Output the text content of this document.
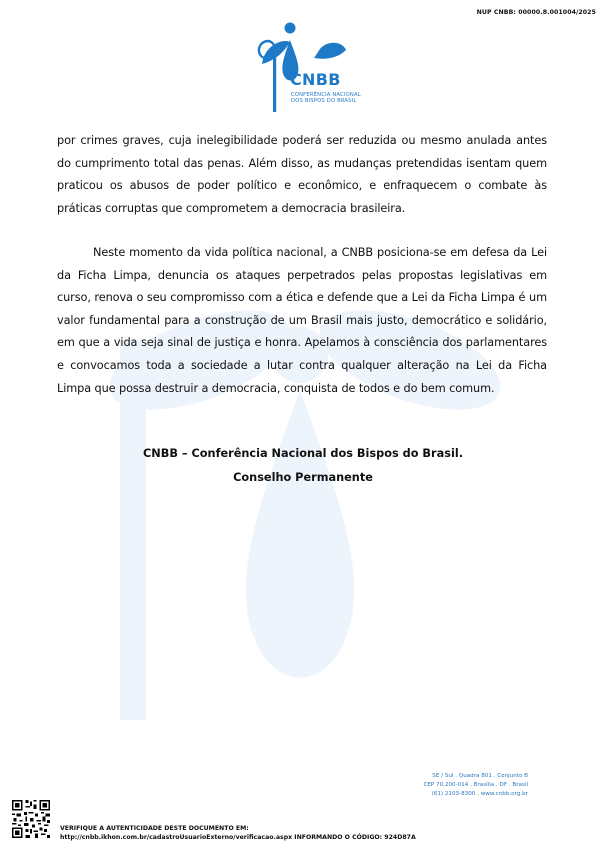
NUP CNBB: 00000.8.001004/2025
CNBB
CONFERÊNCIA NACIONAL
DOS BISPOS DO BRASIL

por crimes graves, cuja inelegibilidade poderá ser reduzida ou mesmo anulada antes do cumprimento total das penas. Além disso, as mudanças pretendidas isentam quem praticou os abusos de poder político e econômico, e enfraquecem o combate às práticas corruptas que comprometem a democracia brasileira.

Neste momento da vida política nacional, a CNBB posiciona-se em defesa da Lei da Ficha Limpa, denuncia os ataques perpetrados pelas propostas legislativas em curso, renova o seu compromisso com a ética e defende que a Lei da Ficha Limpa é um valor fundamental para a construção de um Brasil mais justo, democrático e solidário, em que a vida seja sinal de justiça e honra. Apelamos à consciência dos parlamentares e convocamos toda a sociedade a lutar contra qualquer alteração na Lei da Ficha Limpa que possa destruir a democracia, conquista de todos e do bem comum.

CNBB – Conferência Nacional dos Bispos do Brasil.
Conselho Permanente
SE / Sul . Quadra 801 . Conjunto B
CEP 70.200-014 . Brasília . DF . Brasil
(61) 2103-8300 . www.cnbb.org.br
VERIFIQUE A AUTENTICIDADE DESTE DOCUMENTO EM:
http://cnbb.ikhon.com.br/cadastroUsuarioExterno/verificacao.aspx INFORMANDO O CÓDIGO: 924D87A
